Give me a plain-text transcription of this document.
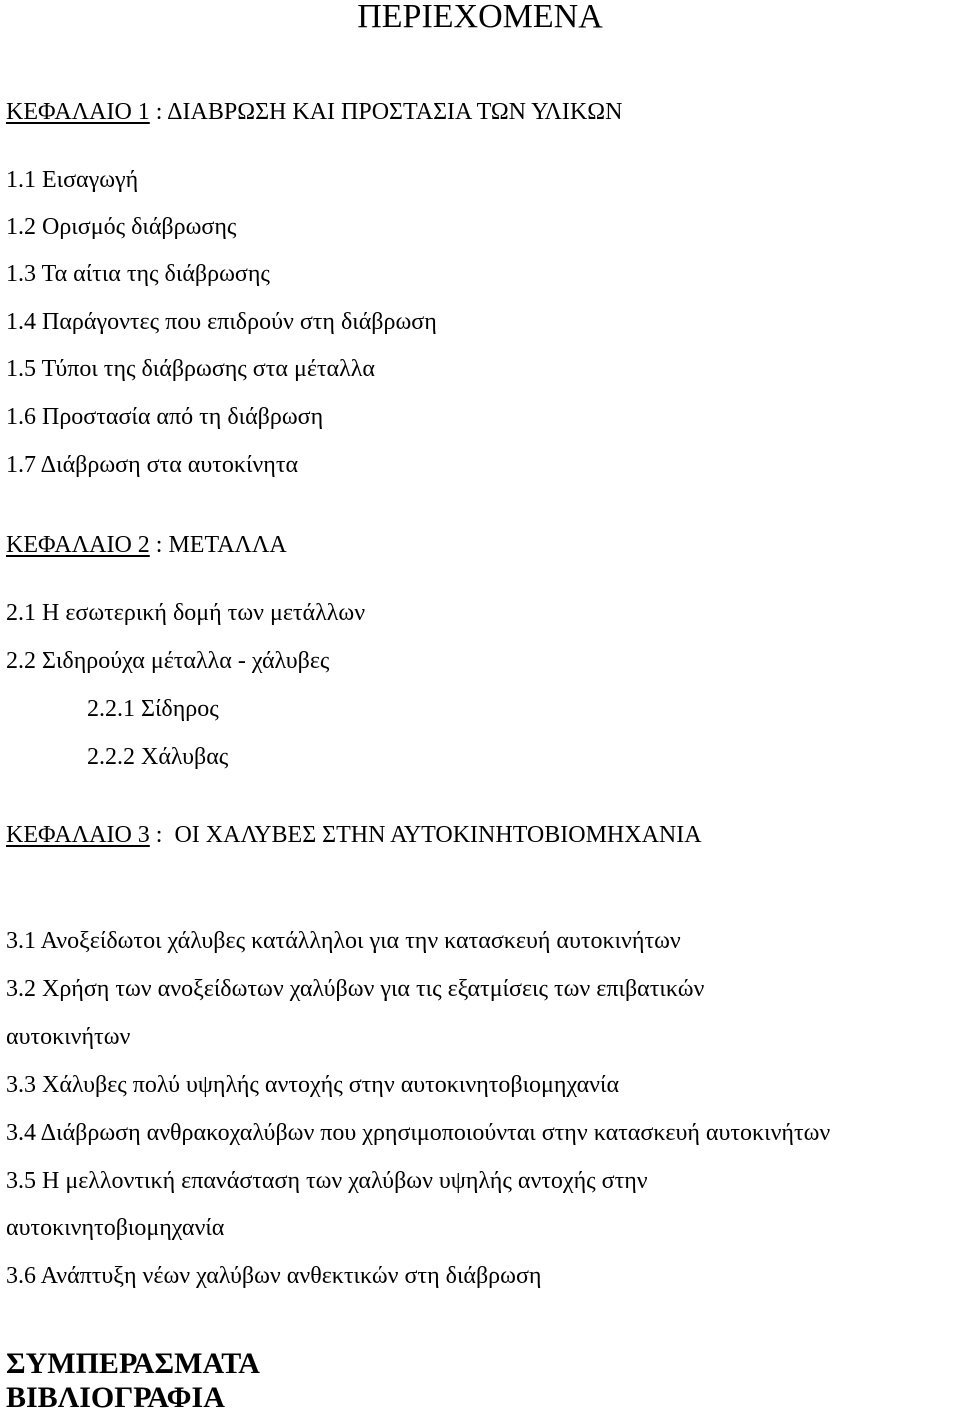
ΠΕΡΙΕΧΟΜΕΝΑ
ΚΕΦΑΛΑΙΟ 1 : ΔΙΑΒΡΩΣΗ ΚΑΙ ΠΡΟΣΤΑΣΙΑ ΤΩΝ ΥΛΙΚΩΝ
1.1 Εισαγωγή
1.2 Ορισμός διάβρωσης
1.3 Τα αίτια της διάβρωσης
1.4 Παράγοντες που επιδρούν στη διάβρωση
1.5 Τύποι της διάβρωσης στα μέταλλα
1.6 Προστασία από τη διάβρωση
1.7 Διάβρωση στα αυτοκίνητα
ΚΕΦΑΛΑΙΟ 2 : ΜΕΤΑΛΛΑ
2.1 Η εσωτερική δομή των μετάλλων
2.2 Σιδηρούχα μέταλλα - χάλυβες
2.2.1 Σίδηρος
2.2.2 Χάλυβας
ΚΕΦΑΛΑΙΟ 3 :  ΟΙ ΧΑΛΥΒΕΣ ΣΤΗΝ ΑΥΤΟΚΙΝΗΤΟΒΙΟΜΗΧΑΝΙΑ
3.1 Ανοξείδωτοι χάλυβες κατάλληλοι για την κατασκευή αυτοκινήτων
3.2 Χρήση των ανοξείδωτων χαλύβων για τις εξατμίσεις των επιβατικών
αυτοκινήτων
3.3 Χάλυβες πολύ υψηλής αντοχής στην αυτοκινητοβιομηχανία
3.4 Διάβρωση ανθρακοχαλύβων που χρησιμοποιούνται στην κατασκευή αυτοκινήτων
3.5 Η μελλοντική επανάσταση των χαλύβων υψηλής αντοχής στην
αυτοκινητοβιομηχανία
3.6 Ανάπτυξη νέων χαλύβων ανθεκτικών στη διάβρωση
ΣΥΜΠΕΡΑΣΜΑΤΑ
ΒΙΒΛΙΟΓΡΑΦΙΑ
